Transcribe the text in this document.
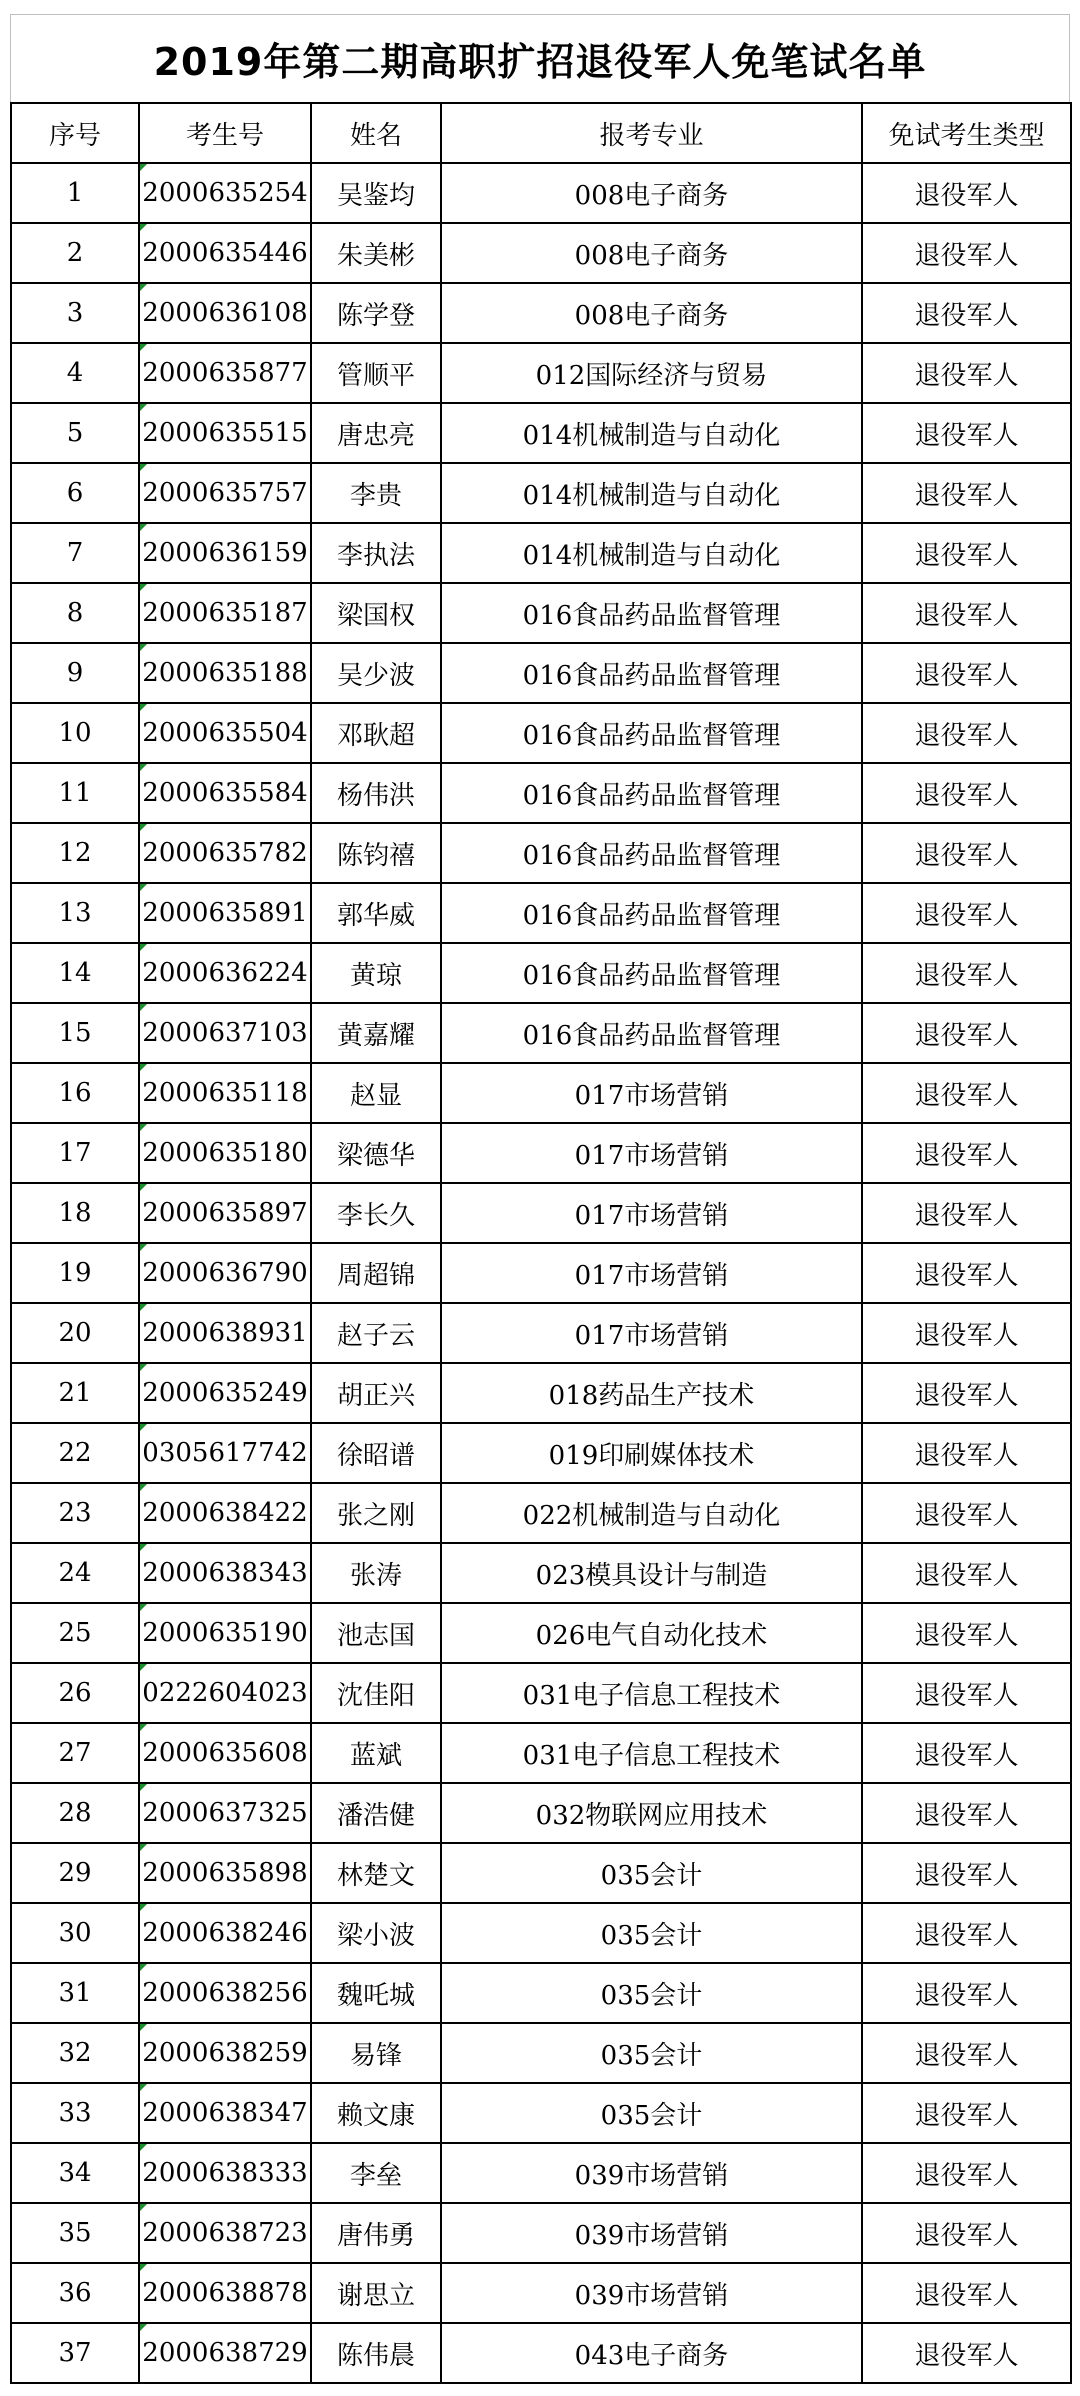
2019年第二期高职扩招退役军人免笔试名单
序号	考生号	姓名	报考专业	免试考生类型
1	2000635254	吴鉴均	008电子商务	退役军人
2	2000635446	朱美彬	008电子商务	退役军人
3	2000636108	陈学登	008电子商务	退役军人
4	2000635877	管顺平	012国际经济与贸易	退役军人
5	2000635515	唐忠亮	014机械制造与自动化	退役军人
6	2000635757	李贵	014机械制造与自动化	退役军人
7	2000636159	李执法	014机械制造与自动化	退役军人
8	2000635187	梁国权	016食品药品监督管理	退役军人
9	2000635188	吴少波	016食品药品监督管理	退役军人
10	2000635504	邓耿超	016食品药品监督管理	退役军人
11	2000635584	杨伟洪	016食品药品监督管理	退役军人
12	2000635782	陈钧禧	016食品药品监督管理	退役军人
13	2000635891	郭华威	016食品药品监督管理	退役军人
14	2000636224	黄琼	016食品药品监督管理	退役军人
15	2000637103	黄嘉耀	016食品药品监督管理	退役军人
16	2000635118	赵显	017市场营销	退役军人
17	2000635180	梁德华	017市场营销	退役军人
18	2000635897	李长久	017市场营销	退役军人
19	2000636790	周超锦	017市场营销	退役军人
20	2000638931	赵子云	017市场营销	退役军人
21	2000635249	胡正兴	018药品生产技术	退役军人
22	0305617742	徐昭谱	019印刷媒体技术	退役军人
23	2000638422	张之刚	022机械制造与自动化	退役军人
24	2000638343	张涛	023模具设计与制造	退役军人
25	2000635190	池志国	026电气自动化技术	退役军人
26	0222604023	沈佳阳	031电子信息工程技术	退役军人
27	2000635608	蓝斌	031电子信息工程技术	退役军人
28	2000637325	潘浩健	032物联网应用技术	退役军人
29	2000635898	林楚文	035会计	退役军人
30	2000638246	梁小波	035会计	退役军人
31	2000638256	魏吒城	035会计	退役军人
32	2000638259	易锋	035会计	退役军人
33	2000638347	赖文康	035会计	退役军人
34	2000638333	李垒	039市场营销	退役军人
35	2000638723	唐伟勇	039市场营销	退役军人
36	2000638878	谢思立	039市场营销	退役军人
37	2000638729	陈伟晨	043电子商务	退役军人
